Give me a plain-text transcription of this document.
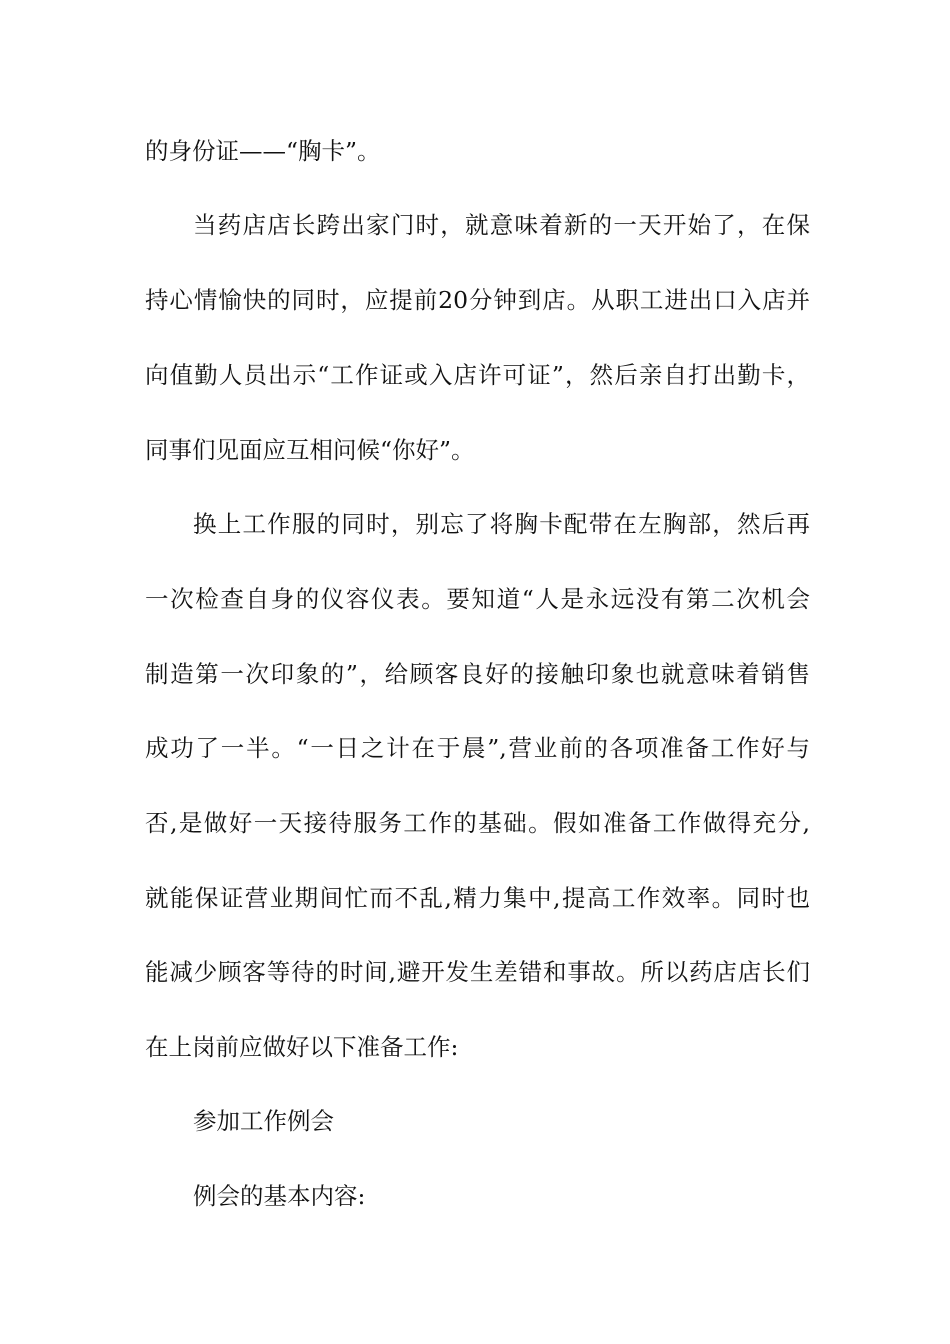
的身份证——“胸卡”。
当药店店长跨出家门时，就意味着新的一天开始了，在保
持心情愉快的同时，应提前20分钟到店。从职工进出口入店并
向值勤人员出示“工作证或入店许可证”，然后亲自打出勤卡，
同事们见面应互相问候“你好”。
换上工作服的同时，别忘了将胸卡配带在左胸部，然后再
一次检查自身的仪容仪表。要知道“人是永远没有第二次机会
制造第一次印象的”，给顾客良好的接触印象也就意味着销售
成功了一半。“一日之计在于晨”,营业前的各项准备工作好与
否,是做好一天接待服务工作的基础。假如准备工作做得充分,
就能保证营业期间忙而不乱,精力集中,提高工作效率。同时也
能减少顾客等待的时间,避开发生差错和事故。所以药店店长们
在上岗前应做好以下准备工作:
参加工作例会
例会的基本内容:
